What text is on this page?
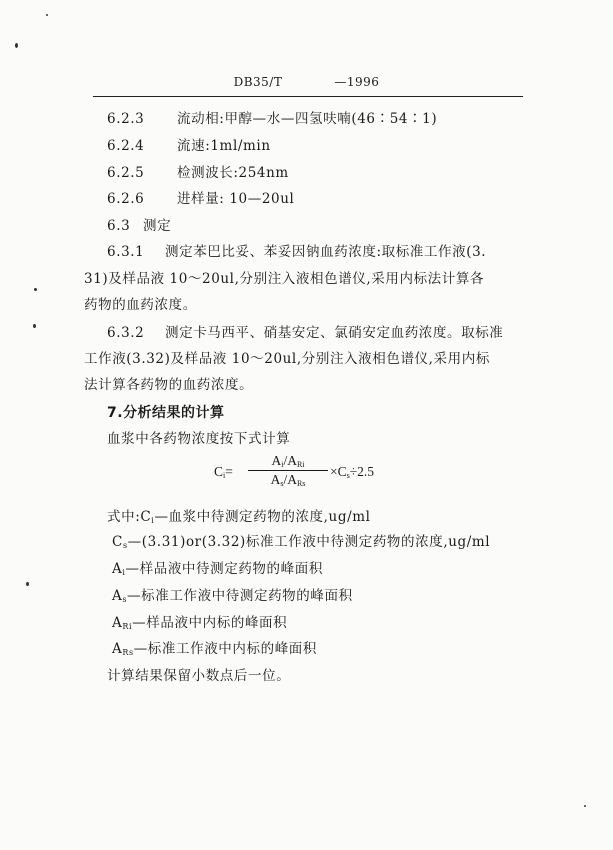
DB35/T	—1996
6.2.3 流动相:甲醇—水—四氢呋喃(46∶54∶1)
6.2.4 流速:1ml/min
6.2.5 检测波长:254nm
6.2.6 进样量: 10—20ul
6.3 测定
6.3.1 测定苯巴比妥、苯妥因钠血药浓度:取标准工作液(3.
31)及样品液 10～20ul,分别注入液相色谱仪,采用内标法计算各
药物的血药浓度。
6.3.2 测定卡马西平、硝基安定、氯硝安定血药浓度。取标准
工作液(3.32)及样品液 10～20ul,分别注入液相色谱仪,采用内标
法计算各药物的血药浓度。
7.分析结果的计算
血浆中各药物浓度按下式计算
$C_i=$
$A_i/A_{Ri}$
$A_s/A_{Rs}$
$\times C_s\div 2.5$
式中$:C_i—$血浆中待测定药物的浓度,ug/ml
$C_s—(3.31)or(3.32)$标准工作液中待测定药物的浓度,ug/ml
$A_i—$样品液中待测定药物的峰面积
$A_s—$标准工作液中待测定药物的峰面积
$A_{Ri}—$样品液中内标的峰面积
$A_{Rs}—$标准工作液中内标的峰面积
计算结果保留小数点后一位。
